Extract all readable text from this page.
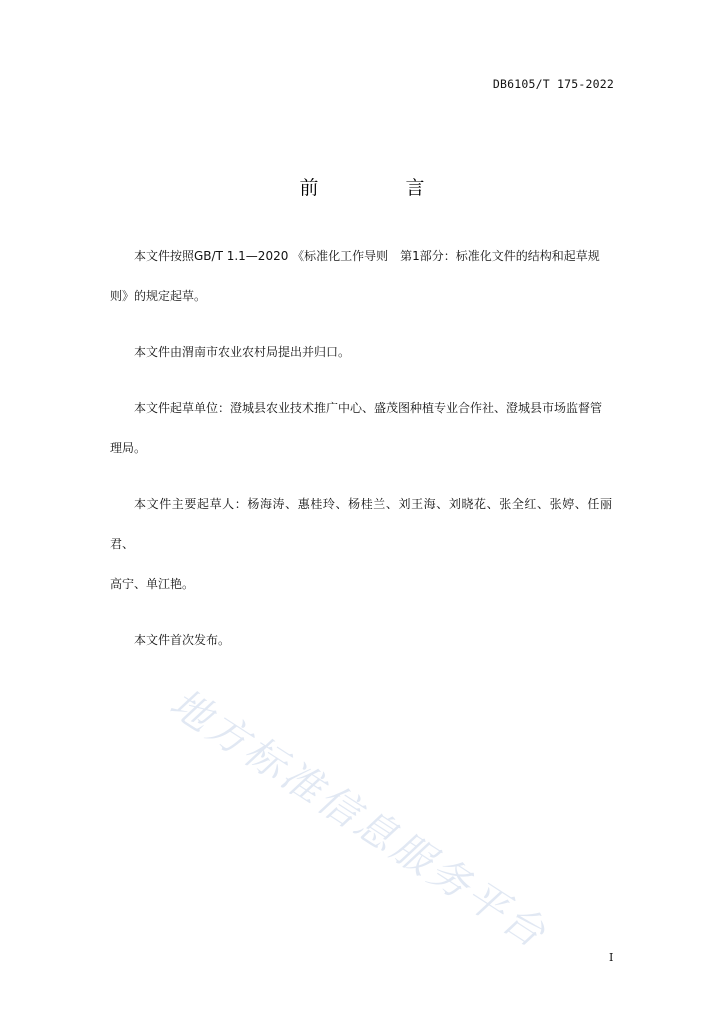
DB6105/T 175-2022
前　言

本文件按照GB/T 1.1—2020 《标准化工作导则　第1部分：标准化文件的结构和起草规
则》的规定起草。

本文件由渭南市农业农村局提出并归口。

本文件起草单位：澄城县农业技术推广中心、盛茂图种植专业合作社、澄城县市场监督管
理局。

本文件主要起草人：杨海涛、惠桂玲、杨桂兰、刘王海、刘晓花、张全红、张婷、任丽君、
高宁、单江艳。

本文件首次发布。

地方标准信息服务平台	I
